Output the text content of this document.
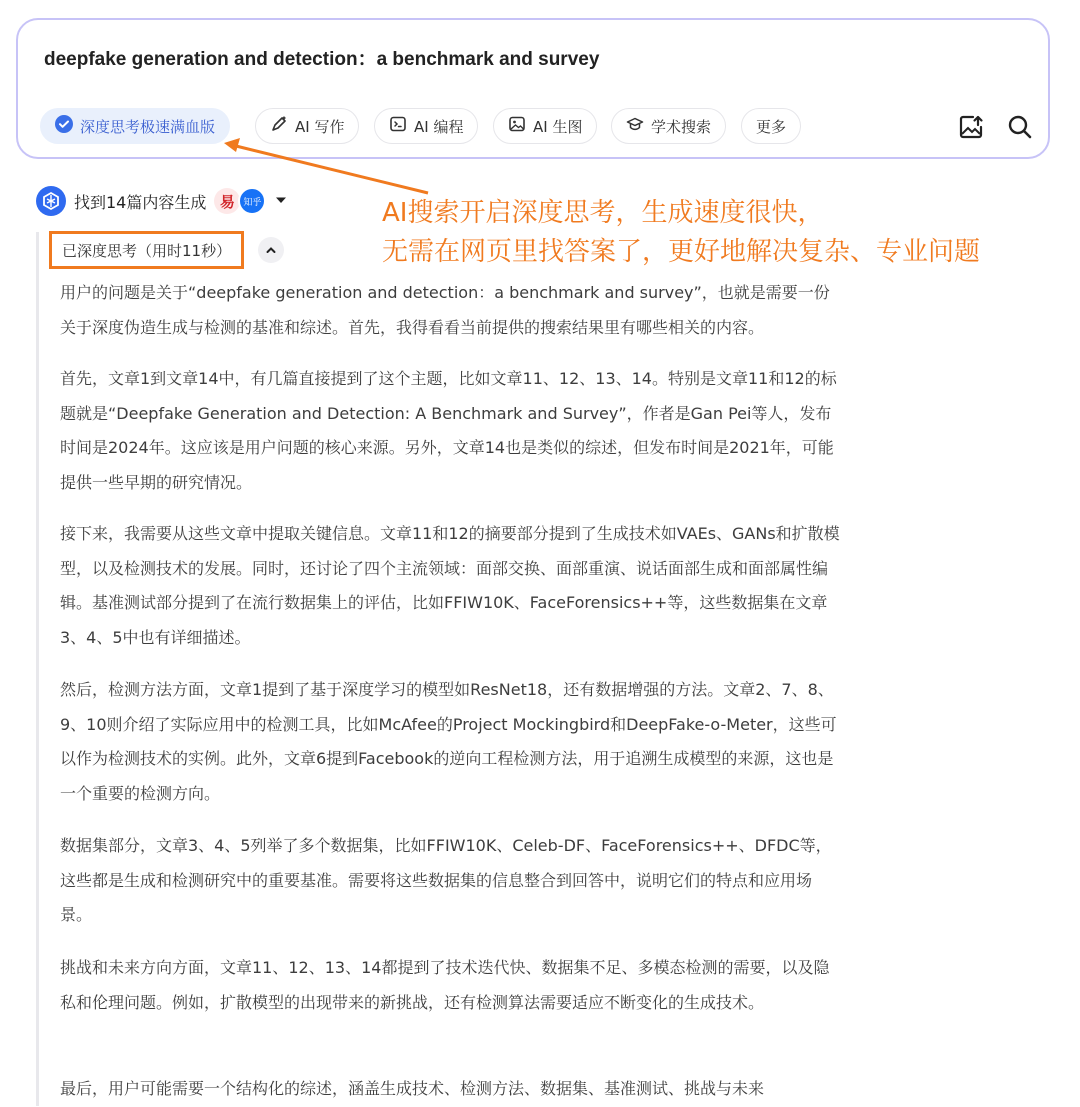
deepfake generation and detection：a benchmark and survey
深度思考极速满血版	AI 写作	AI 编程	AI 生图	学术搜索	更多
找到14篇内容生成 易 知乎	AI搜索开启深度思考，生成速度很快，
无需在网页里找答案了，更好地解决复杂、专业问题
已深度思考（用时11秒）

用户的问题是关于“deepfake generation and detection：a benchmark and survey”，也就是需要一份关于深度伪造生成与检测的基准和综述。首先，我得看看当前提供的搜索结果里有哪些相关的内容。

首先，文章1到文章14中，有几篇直接提到了这个主题，比如文章11、12、13、14。特别是文章11和12的标题就是“Deepfake Generation and Detection: A Benchmark and Survey”，作者是Gan Pei等人，发布时间是2024年。这应该是用户问题的核心来源。另外，文章14也是类似的综述，但发布时间是2021年，可能提供一些早期的研究情况。

接下来，我需要从这些文章中提取关键信息。文章11和12的摘要部分提到了生成技术如VAEs、GANs和扩散模型，以及检测技术的发展。同时，还讨论了四个主流领域：面部交换、面部重演、说话面部生成和面部属性编辑。基准测试部分提到了在流行数据集上的评估，比如FFIW10K、FaceForensics++等，这些数据集在文章3、4、5中也有详细描述。

然后，检测方法方面，文章1提到了基于深度学习的模型如ResNet18，还有数据增强的方法。文章2、7、8、9、10则介绍了实际应用中的检测工具，比如McAfee的Project Mockingbird和DeepFake-o-Meter，这些可以作为检测技术的实例。此外，文章6提到Facebook的逆向工程检测方法，用于追溯生成模型的来源，这也是一个重要的检测方向。

数据集部分，文章3、4、5列举了多个数据集，比如FFIW10K、Celeb-DF、FaceForensics++、DFDC等，这些都是生成和检测研究中的重要基准。需要将这些数据集的信息整合到回答中，说明它们的特点和应用场景。

挑战和未来方向方面，文章11、12、13、14都提到了技术迭代快、数据集不足、多模态检测的需要，以及隐私和伦理问题。例如，扩散模型的出现带来的新挑战，还有检测算法需要适应不断变化的生成技术。

最后，用户可能需要一个结构化的综述，涵盖生成技术、检测方法、数据集、基准测试、挑战与未来
